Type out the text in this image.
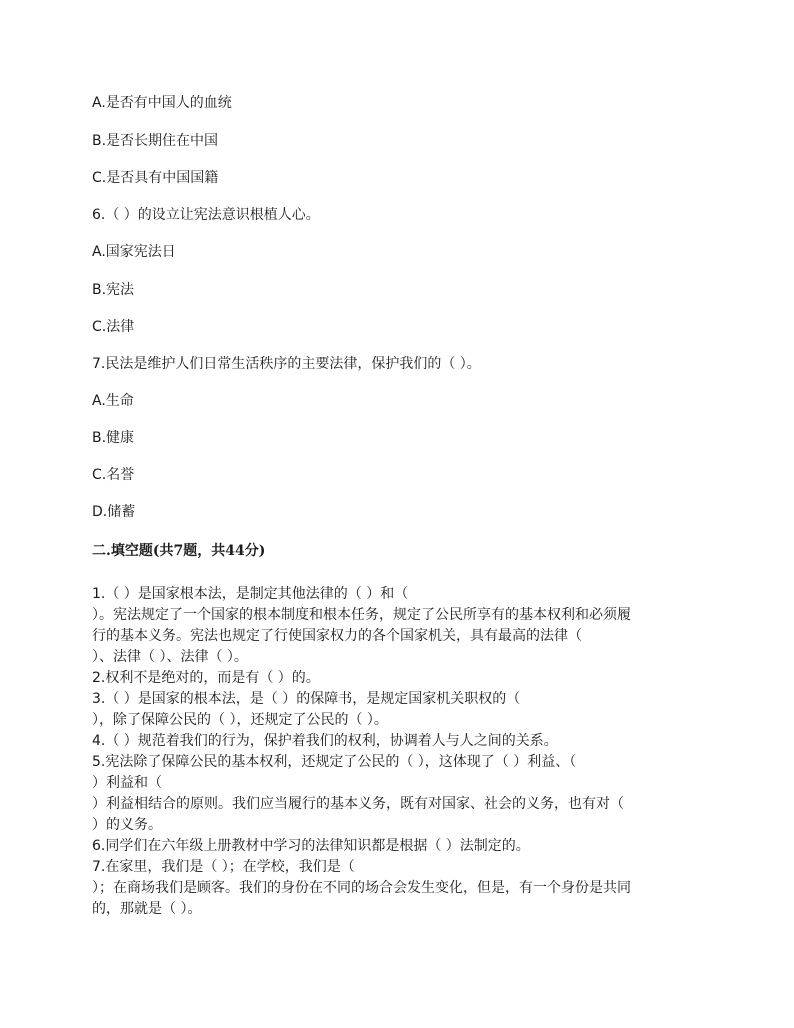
A.是否有中国人的血统
B.是否长期住在中国
C.是否具有中国国籍
6.（ ）的设立让宪法意识根植人心。
A.国家宪法日
B.宪法
C.法律
7.民法是维护人们日常生活秩序的主要法律，保护我们的（ ）。
A.生命
B.健康
C.名誉
D.储蓄
二.填空题(共7题，共44分)
1.（ ）是国家根本法，是制定其他法律的（ ）和（
）。宪法规定了一个国家的根本制度和根本任务，规定了公民所享有的基本权利和必须履
行的基本义务。宪法也规定了行使国家权力的各个国家机关，具有最高的法律（
）、法律（ ）、法律（ ）。
2.权利不是绝对的，而是有（ ）的。
3.（ ）是国家的根本法，是（ ）的保障书，是规定国家机关职权的（
），除了保障公民的（ ），还规定了公民的（ ）。
4.（ ）规范着我们的行为，保护着我们的权利，协调着人与人之间的关系。
5.宪法除了保障公民的基本权利，还规定了公民的（ ），这体现了（ ）利益、（
）利益和（
）利益相结合的原则。我们应当履行的基本义务，既有对国家、社会的义务，也有对（
）的义务。
6.同学们在六年级上册教材中学习的法律知识都是根据（ ）法制定的。
7.在家里，我们是（ ）；在学校，我们是（
）；在商场我们是顾客。我们的身份在不同的场合会发生变化，但是，有一个身份是共同
的，那就是（ ）。
